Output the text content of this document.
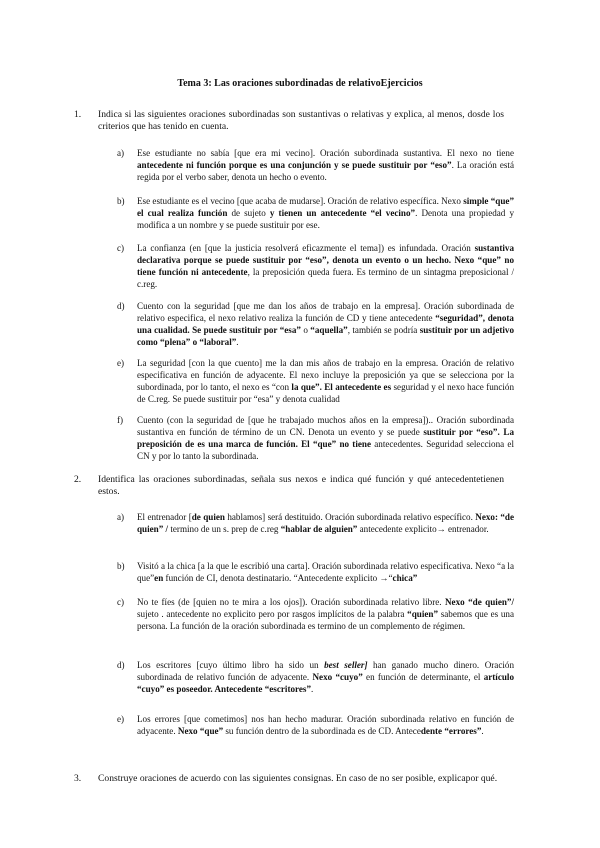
Tema 3: Las oraciones subordinadas de relativoEjercicios
1. Indica si las siguientes oraciones subordinadas son sustantivas o relativas y explica, al menos, dosde los criterios que has tenido en cuenta.
a) Ese estudiante no sabía [que era mi vecino]. Oración subordinada sustantiva. El nexo no tiene antecedente ni función porque es una conjunción y se puede sustituir por “eso”. La oración está regida por el verbo saber, denota un hecho o evento.
b) Ese estudiante es el vecino [que acaba de mudarse]. Oración de relativo específica. Nexo simple “que” el cual realiza función de sujeto y tienen un antecedente “el vecino”. Denota una propiedad y modifica a un nombre y se puede sustituir por ese.
c) La confianza (en [que la justicia resolverá eficazmente el tema]) es infundada. Oración sustantiva declarativa porque se puede sustituir por “eso”, denota un evento o un hecho. Nexo “que” no tiene función ni antecedente, la preposición queda fuera. Es termino de un sintagma preposicional / c.reg.
d) Cuento con la seguridad [que me dan los años de trabajo en la empresa]. Oración subordinada de relativo especifica, el nexo relativo realiza la función de CD y tiene antecedente “seguridad”, denota una cualidad. Se puede sustituir por “esa” o “aquella”, también se podría sustituir por un adjetivo como “plena” o “laboral”.
e) La seguridad [con la que cuento] me la dan mis años de trabajo en la empresa. Oración de relativo especificativa en función de adyacente. El nexo incluye la preposición ya que se selecciona por la subordinada, por lo tanto, el nexo es “con la que”. El antecedente es seguridad y el nexo hace función de C.reg. Se puede sustituir por “esa” y denota cualidad
f) Cuento (con la seguridad de [que he trabajado muchos años en la empresa]).. Oración subordinada sustantiva en función de término de un CN. Denota un evento y se puede sustituir por “eso”. La preposición de es una marca de función. El “que” no tiene antecedentes. Seguridad selecciona el CN y por lo tanto la subordinada.
2. Identifica las oraciones subordinadas, señala sus nexos e indica qué función y qué antecedentetienen estos.
a) El entrenador [de quien hablamos] será destituido. Oración subordinada relativo específico. Nexo: “de quien” / termino de un s. prep de c.reg “hablar de alguien” antecedente explicito→ entrenador.
b) Visitó a la chica [a la que le escribió una carta]. Oración subordinada relativo especificativa. Nexo “a la que”en función de CI, denota destinatario. “Antecedente explicito →“chica”
c) No te fíes (de [quien no te mira a los ojos]). Oración subordinada relativo libre. Nexo “de quien”/ sujeto . antecedente no explicito pero por rasgos implícitos de la palabra “quien” sabemos que es una persona. La función de la oración subordinada es termino de un complemento de régimen.
d) Los escritores [cuyo último libro ha sido un best seller] han ganado mucho dinero. Oración subordinada de relativo función de adyacente. Nexo “cuyo” en función de determinante, el artículo “cuyo” es poseedor. Antecedente “escritores”.
e) Los errores [que cometimos] nos han hecho madurar. Oración subordinada relativo en función de adyacente. Nexo “que” su función dentro de la subordinada es de CD. Antecedente “errores”.
3. Construye oraciones de acuerdo con las siguientes consignas. En caso de no ser posible, explicapor qué.
